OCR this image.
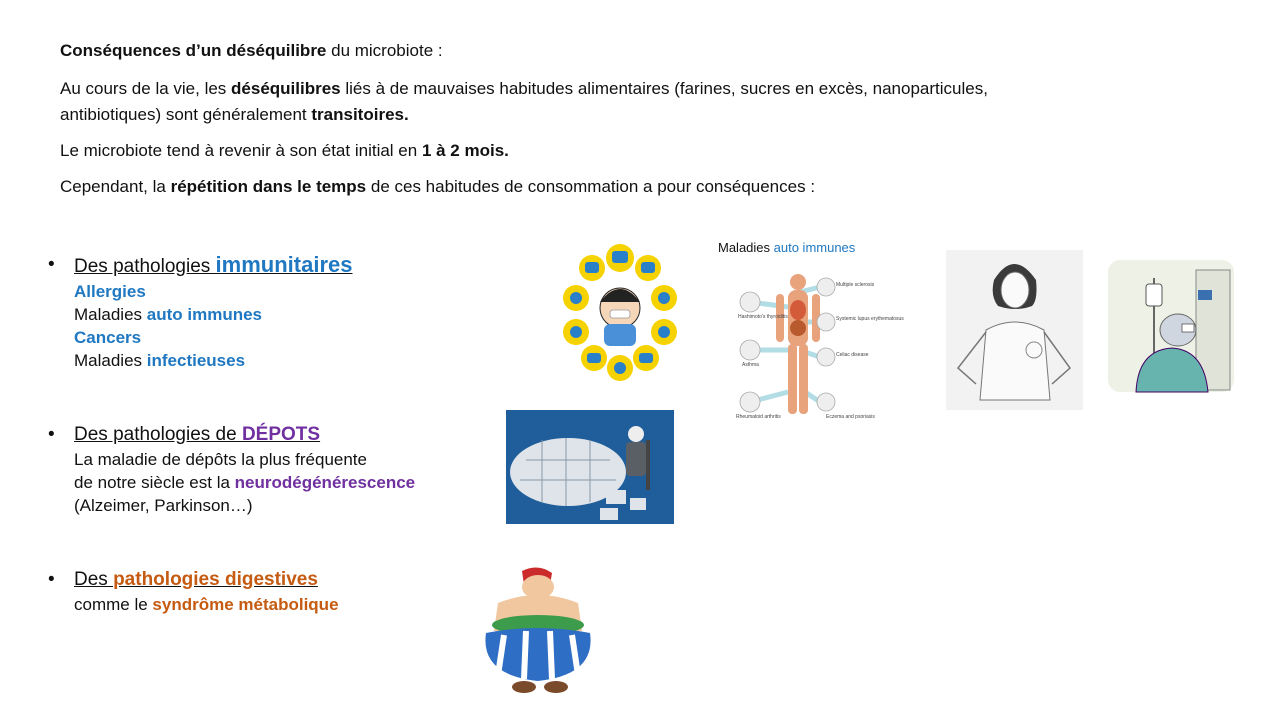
Conséquences d’un déséquilibre du microbiote :

Au cours de la vie, les déséquilibres liés à de mauvaises habitudes alimentaires (farines, sucres en excès, nanoparticules, antibiotiques) sont généralement transitoires.

Le microbiote tend à revenir à son état initial en 1 à 2 mois.

Cependant, la répétition dans le temps de ces habitudes de consommation a pour conséquences :

• Des pathologies immunitaires
Allergies
Maladies auto immunes
Cancers
Maladies infectieuses
• Des pathologies de DÉPOTS
La maladie de dépôts la plus fréquente
de notre siècle est la neurodégénérescence
(Alzeimer, Parkinson…)
• Des pathologies digestives
comme le syndrôme métabolique
Maladies auto immunes
Hashimoto's thyroiditis
Asthma
Rheumatoid arthritis
Multiple sclerosis
Systemic lupus erythematosus
Celiac disease
Eczema and psoriasis
